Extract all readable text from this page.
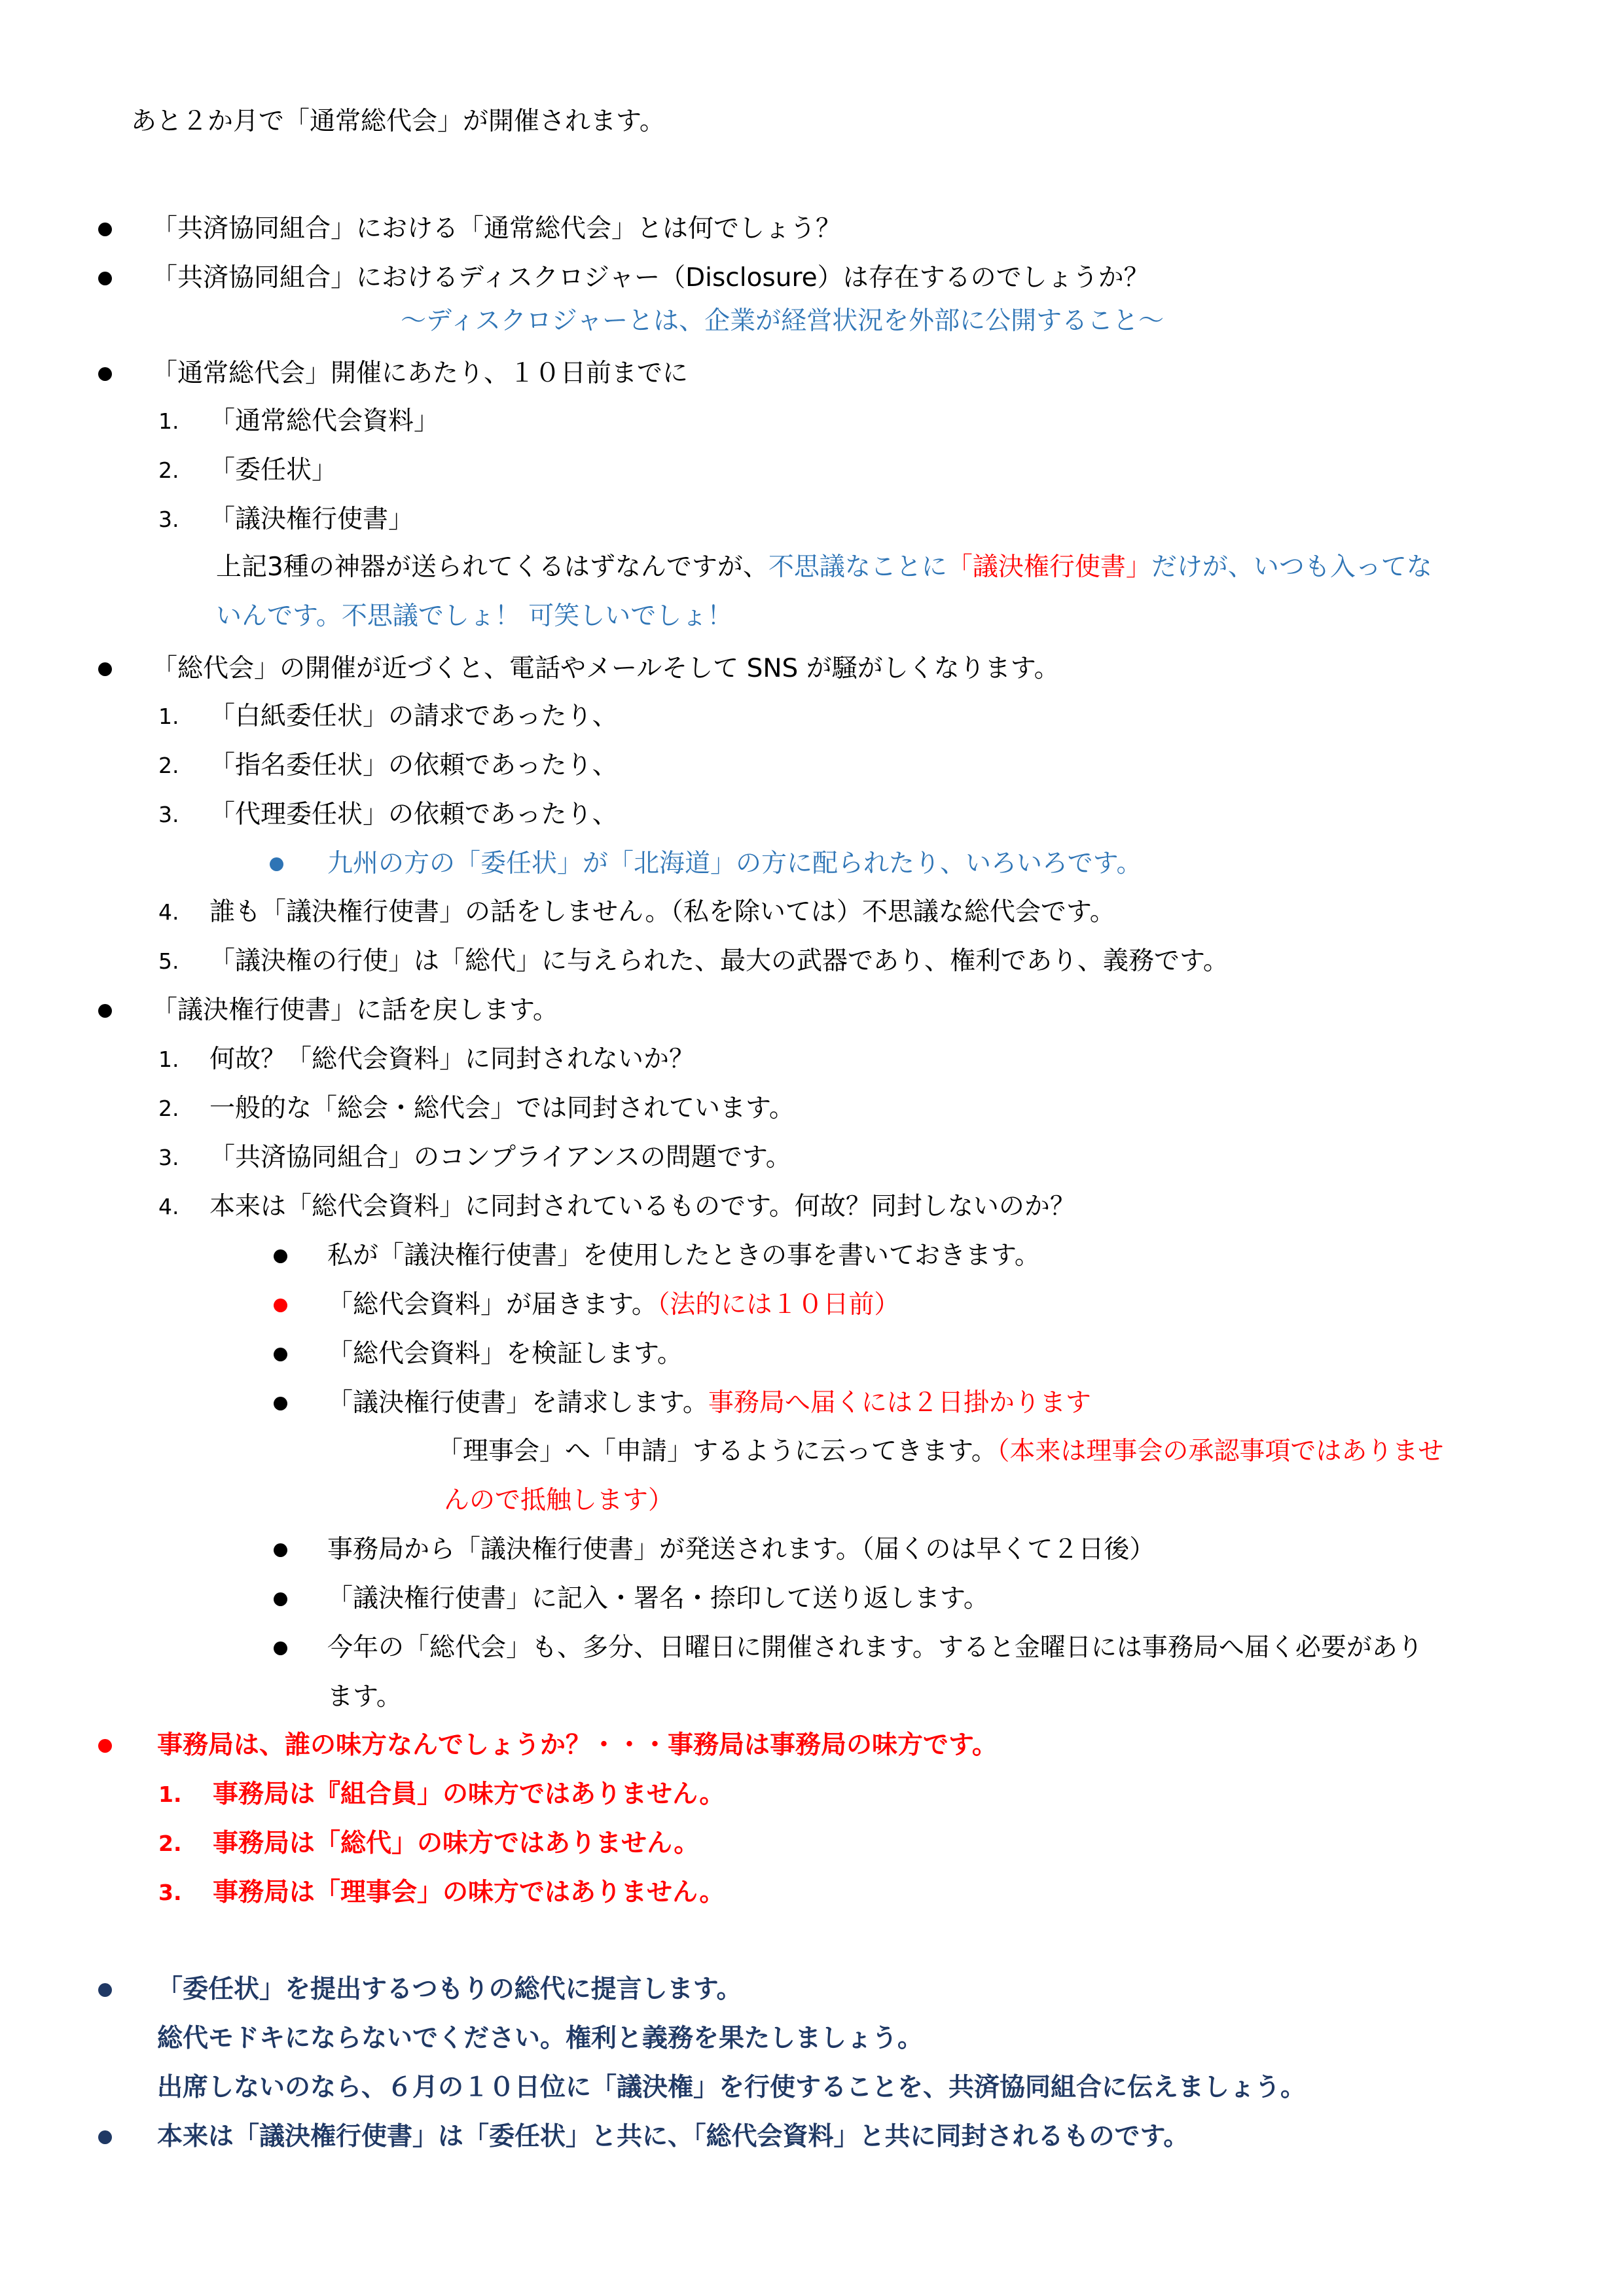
あと２か月で「通常総代会」が開催されます。
「共済協同組合」における「通常総代会」とは何でしょう？
「共済協同組合」におけるディスクロジャー（Disclosure）は存在するのでしょうか？
～ディスクロジャーとは、企業が経営状況を外部に公開すること～
「通常総代会」開催にあたり、１０日前までに
1. 「通常総代会資料」
2. 「委任状」
3. 「議決権行使書」
上記3種の神器が送られてくるはずなんですが、不思議なことに「議決権行使書」だけが、いつも入ってな
いんです。不思議でしょ！ 可笑しいでしょ！
「総代会」の開催が近づくと、電話やメールそして SNS が騒がしくなります。
1. 「白紙委任状」の請求であったり、
2. 「指名委任状」の依頼であったり、
3. 「代理委任状」の依頼であったり、
九州の方の「委任状」が「北海道」の方に配られたり、いろいろです。
4. 誰も「議決権行使書」の話をしません。（私を除いては）不思議な総代会です。
5. 「議決権の行使」は「総代」に与えられた、最大の武器であり、権利であり、義務です。
「議決権行使書」に話を戻します。
1. 何故？「総代会資料」に同封されないか？
2. 一般的な「総会・総代会」では同封されています。
3. 「共済協同組合」のコンプライアンスの問題です。
4. 本来は「総代会資料」に同封されているものです。何故？同封しないのか？
私が「議決権行使書」を使用したときの事を書いておきます。
「総代会資料」が届きます。（法的には１０日前）
「総代会資料」を検証します。
「議決権行使書」を請求します。事務局へ届くには２日掛かります
「理事会」へ「申請」するように云ってきます。（本来は理事会の承認事項ではありませ
んので抵触します）
事務局から「議決権行使書」が発送されます。（届くのは早くて２日後）
「議決権行使書」に記入・署名・捺印して送り返します。
今年の「総代会」も、多分、日曜日に開催されます。すると金曜日には事務局へ届く必要があり
ます。
事務局は、誰の味方なんでしょうか？・・・事務局は事務局の味方です。
1. 事務局は『組合員」の味方ではありません。
2. 事務局は「総代」の味方ではありません。
3. 事務局は「理事会」の味方ではありません。
「委任状」を提出するつもりの総代に提言します。
総代モドキにならないでください。権利と義務を果たしましょう。
出席しないのなら、６月の１０日位に「議決権」を行使することを、共済協同組合に伝えましょう。
本来は「議決権行使書」は「委任状」と共に、「総代会資料」と共に同封されるものです。
